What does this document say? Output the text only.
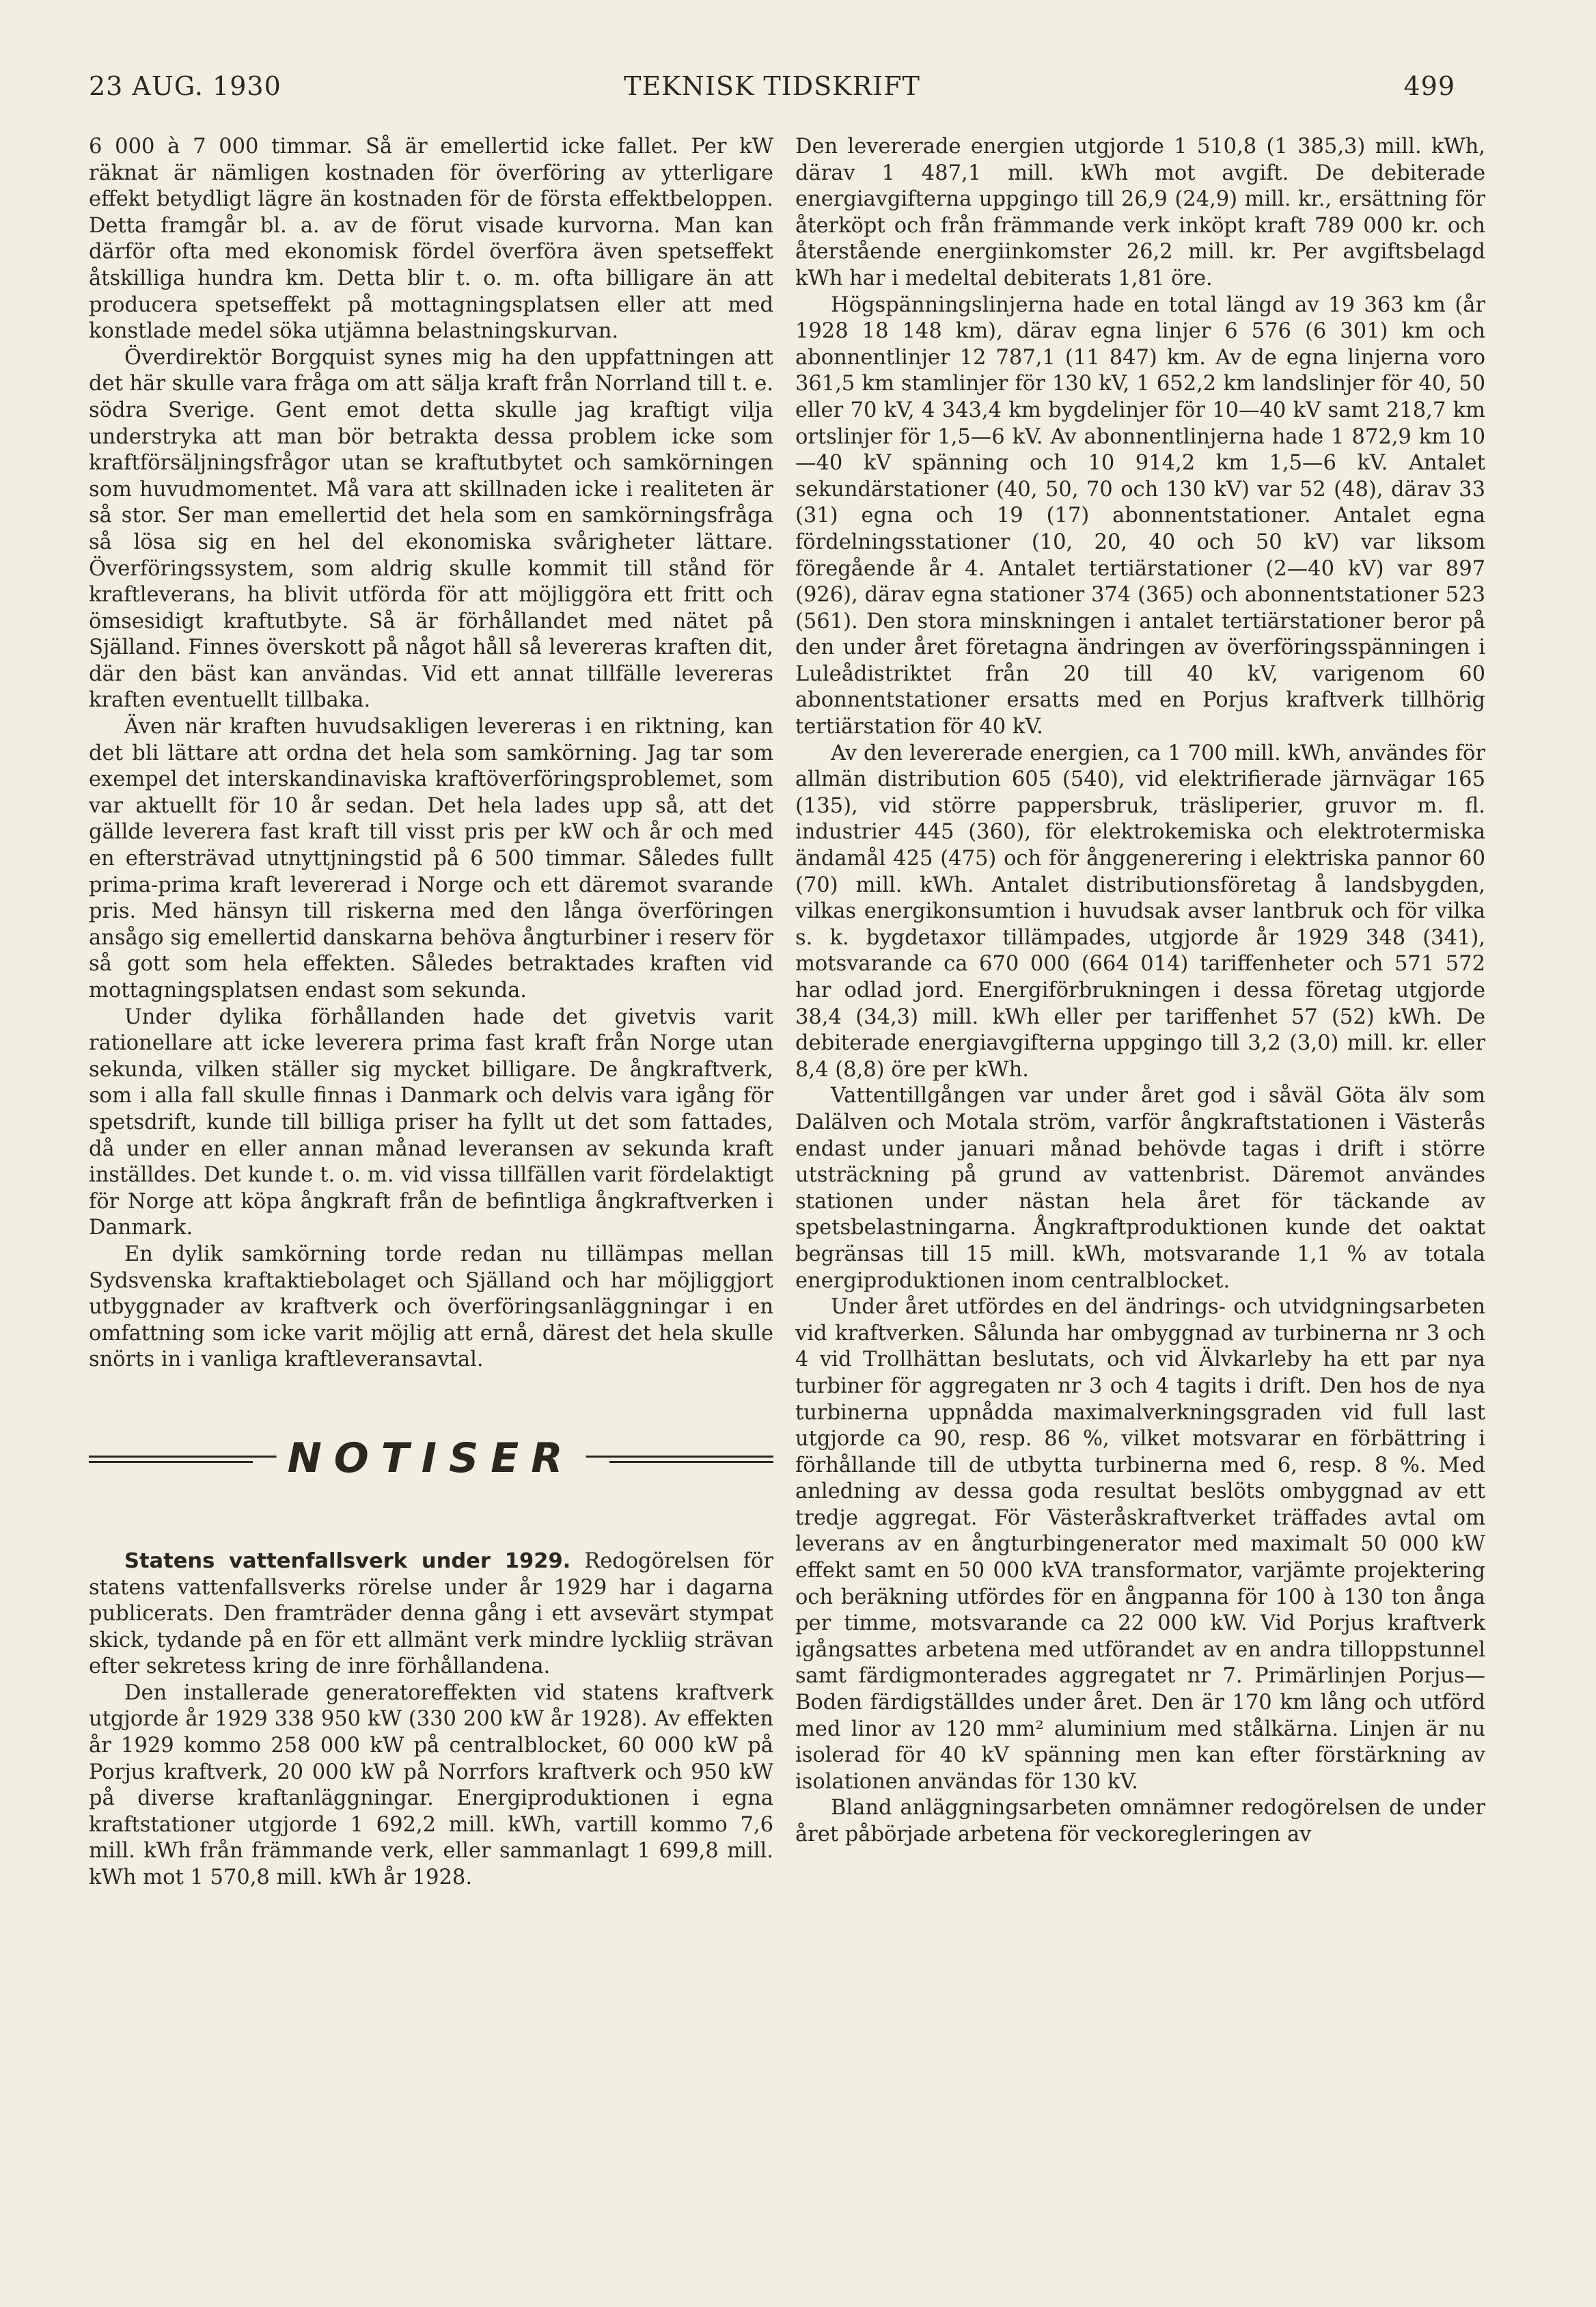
23 AUG. 1930	TEKNISK TIDSKRIFT	499

6 000 à 7 000 timmar. Så är emellertid icke fallet. Per kW räknat är nämligen kostnaden för överföring av ytterligare effekt betydligt lägre än kostnaden för de första effektbeloppen. Detta framgår bl. a. av de förut visade kurvorna. Man kan därför ofta med ekonomisk fördel överföra även spetseffekt åtskilliga hundra km. Detta blir t. o. m. ofta billigare än att producera spetseffekt på mottagningsplatsen eller att med konstlade medel söka utjämna belastningskurvan.

Överdirektör Borgquist synes mig ha den uppfattningen att det här skulle vara fråga om att sälja kraft från Norrland till t. e. södra Sverige. Gent emot detta skulle jag kraftigt vilja understryka att man bör betrakta dessa problem icke som kraftförsäljningsfrågor utan se kraftutbytet och samkörningen som huvudmomentet. Må vara att skillnaden icke i realiteten är så stor. Ser man emellertid det hela som en samkörningsfråga så lösa sig en hel del ekonomiska svårigheter lättare. Överföringssystem, som aldrig skulle kommit till stånd för kraftleverans, ha blivit utförda för att möjliggöra ett fritt och ömsesidigt kraftutbyte. Så är förhållandet med nätet på Själland. Finnes överskott på något håll så levereras kraften dit, där den bäst kan användas. Vid ett annat tillfälle levereras kraften eventuellt tillbaka.

Även när kraften huvudsakligen levereras i en riktning, kan det bli lättare att ordna det hela som samkörning. Jag tar som exempel det interskandinaviska kraftöverföringsproblemet, som var aktuellt för 10 år sedan. Det hela lades upp så, att det gällde leverera fast kraft till visst pris per kW och år och med en eftersträvad utnyttjningstid på 6 500 timmar. Således fullt prima-prima kraft levererad i Norge och ett däremot svarande pris. Med hänsyn till riskerna med den långa överföringen ansågo sig emellertid danskarna behöva ångturbiner i reserv för så gott som hela effekten. Således betraktades kraften vid mottagningsplatsen endast som sekunda.

Under dylika förhållanden hade det givetvis varit rationellare att icke leverera prima fast kraft från Norge utan sekunda, vilken ställer sig mycket billigare. De ångkraftverk, som i alla fall skulle finnas i Danmark och delvis vara igång för spetsdrift, kunde till billiga priser ha fyllt ut det som fattades, då under en eller annan månad leveransen av sekunda kraft inställdes. Det kunde t. o. m. vid vissa tillfällen varit fördelaktigt för Norge att köpa ångkraft från de befintliga ångkraftverken i Danmark.

En dylik samkörning torde redan nu tillämpas mellan Sydsvenska kraftaktiebolaget och Själland och har möjliggjort utbyggnader av kraftverk och överföringsanläggningar i en omfattning som icke varit möjlig att ernå, därest det hela skulle snörts in i vanliga kraftleveransavtal.

NOTISER

Statens vattenfallsverk under 1929. Redogörelsen för statens vattenfallsverks rörelse under år 1929 har i dagarna publicerats. Den framträder denna gång i ett avsevärt stympat skick, tydande på en för ett allmänt verk mindre lyckliig strävan efter sekretess kring de inre förhållandena.

Den installerade generatoreffekten vid statens kraftverk utgjorde år 1929 338 950 kW (330 200 kW år 1928). Av effekten år 1929 kommo 258 000 kW på centralblocket, 60 000 kW på Porjus kraftverk, 20 000 kW på Norrfors kraftverk och 950 kW på diverse kraftanläggningar. Energiproduktionen i egna kraftstationer utgjorde 1 692,2 mill. kWh, vartill kommo 7,6 mill. kWh från främmande verk, eller sammanlagt 1 699,8 mill. kWh mot 1 570,8 mill. kWh år 1928.

Den levererade energien utgjorde 1 510,8 (1 385,3) mill. kWh, därav 1 487,1 mill. kWh mot avgift. De debiterade energiavgifterna uppgingo till 26,9 (24,9) mill. kr., ersättning för återköpt och från främmande verk inköpt kraft 789 000 kr. och återstående energiinkomster 26,2 mill. kr. Per avgiftsbelagd kWh har i medeltal debiterats 1,81 öre.

Högspänningslinjerna hade en total längd av 19 363 km (år 1928 18 148 km), därav egna linjer 6 576 (6 301) km och abonnentlinjer 12 787,1 (11 847) km. Av de egna linjerna voro 361,5 km stamlinjer för 130 kV, 1 652,2 km landslinjer för 40, 50 eller 70 kV, 4 343,4 km bygdelinjer för 10—40 kV samt 218,7 km ortslinjer för 1,5—6 kV. Av abonnentlinjerna hade 1 872,9 km 10—40 kV spänning och 10 914,2 km 1,5—6 kV. Antalet sekundärstationer (40, 50, 70 och 130 kV) var 52 (48), därav 33 (31) egna och 19 (17) abonnentstationer. Antalet egna fördelningsstationer (10, 20, 40 och 50 kV) var liksom föregående år 4. Antalet tertiärstationer (2—40 kV) var 897 (926), därav egna stationer 374 (365) och abonnentstationer 523 (561). Den stora minskningen i antalet tertiärstationer beror på den under året företagna ändringen av överföringsspänningen i Luleådistriktet från 20 till 40 kV, varigenom 60 abonnentstationer ersatts med en Porjus kraftverk tillhörig tertiärstation för 40 kV.

Av den levererade energien, ca 1 700 mill. kWh, användes för allmän distribution 605 (540), vid elektrifierade järnvägar 165 (135), vid större pappersbruk, träsliperier, gruvor m. fl. industrier 445 (360), för elektrokemiska och elektrotermiska ändamål 425 (475) och för ånggenerering i elektriska pannor 60 (70) mill. kWh. Antalet distributionsföretag å landsbygden, vilkas energikonsumtion i huvudsak avser lantbruk och för vilka s. k. bygdetaxor tillämpades, utgjorde år 1929 348 (341), motsvarande ca 670 000 (664 014) tariffenheter och 571 572 har odlad jord. Energiförbrukningen i dessa företag utgjorde 38,4 (34,3) mill. kWh eller per tariffenhet 57 (52) kWh. De debiterade energiavgifterna uppgingo till 3,2 (3,0) mill. kr. eller 8,4 (8,8) öre per kWh.

Vattentillgången var under året god i såväl Göta älv som Dalälven och Motala ström, varför ångkraftstationen i Västerås endast under januari månad behövde tagas i drift i större utsträckning på grund av vattenbrist. Däremot användes stationen under nästan hela året för täckande av spetsbelastningarna. Ångkraftproduktionen kunde det oaktat begränsas till 15 mill. kWh, motsvarande 1,1 % av totala energiproduktionen inom centralblocket.

Under året utfördes en del ändrings- och utvidgningsarbeten vid kraftverken. Sålunda har ombyggnad av turbinerna nr 3 och 4 vid Trollhättan beslutats, och vid Älvkarleby ha ett par nya turbiner för aggregaten nr 3 och 4 tagits i drift. Den hos de nya turbinerna uppnådda maximalverkningsgraden vid full last utgjorde ca 90, resp. 86 %, vilket motsvarar en förbättring i förhållande till de utbytta turbinerna med 6, resp. 8 %. Med anledning av dessa goda resultat beslöts ombyggnad av ett tredje aggregat. För Västeråskraftverket träffades avtal om leverans av en ångturbingenerator med maximalt 50 000 kW effekt samt en 50 000 kVA transformator, varjämte projektering och beräkning utfördes för en ångpanna för 100 à 130 ton ånga per timme, motsvarande ca 22 000 kW. Vid Porjus kraftverk igångsattes arbetena med utförandet av en andra tilloppstunnel samt färdigmonterades aggregatet nr 7. Primärlinjen Porjus—Boden färdigställdes under året. Den är 170 km lång och utförd med linor av 120 mm² aluminium med stålkärna. Linjen är nu isolerad för 40 kV spänning men kan efter förstärkning av isolationen användas för 130 kV.

Bland anläggningsarbeten omnämner redogörelsen de under året påbörjade arbetena för veckoregleringen av
